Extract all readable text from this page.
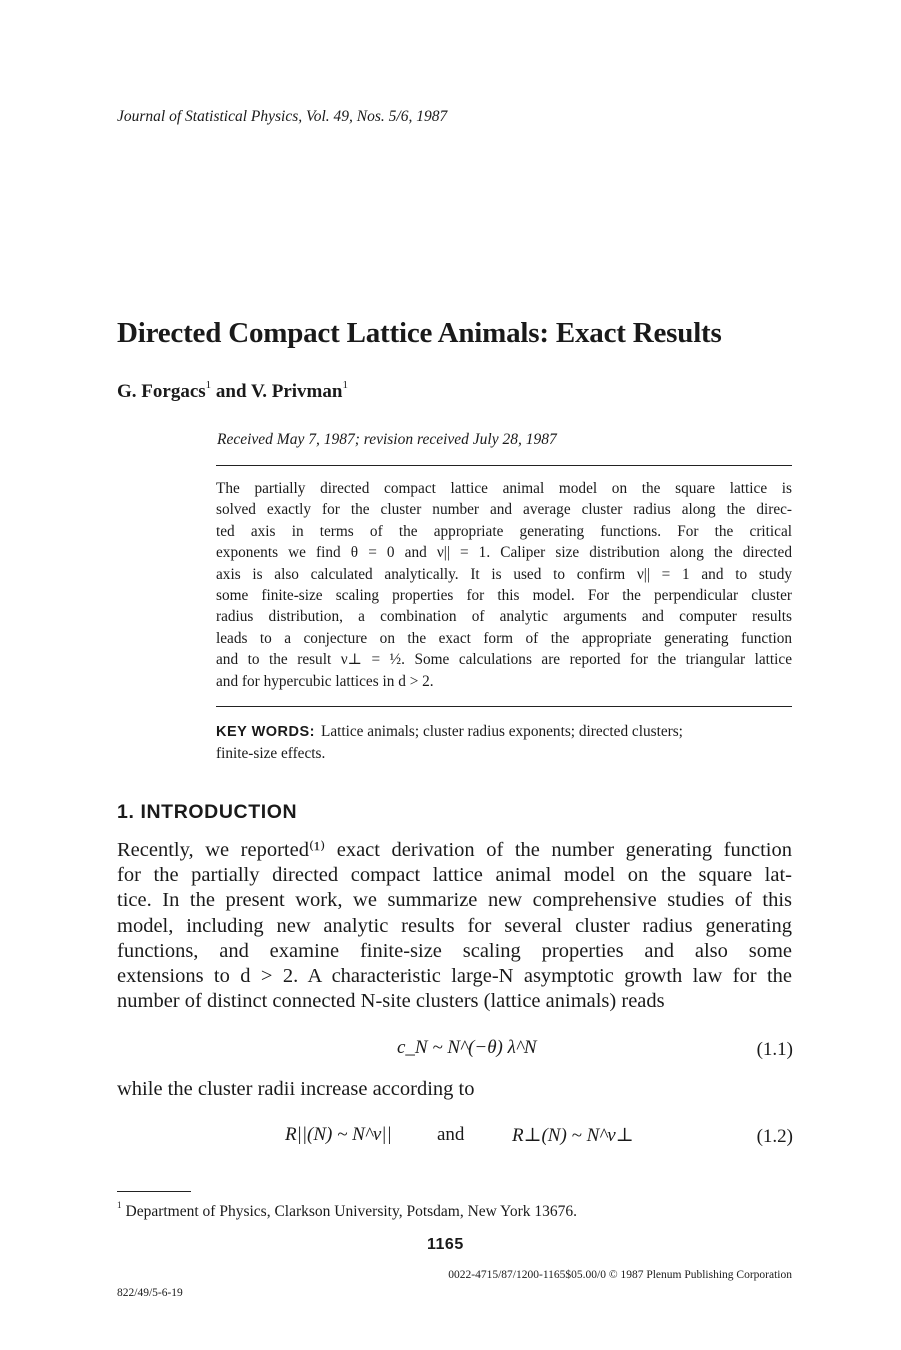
Journal of Statistical Physics, Vol. 49, Nos. 5/6, 1987
Directed Compact Lattice Animals: Exact Results
G. Forgacs$^1$ and V. Privman$^1$
Received May 7, 1987; revision received July 28, 1987
The partially directed compact lattice animal model on the square lattice is
solved exactly for the cluster number and average cluster radius along the direc-
ted axis in terms of the appropriate generating functions. For the critical
exponents we find θ = 0 and ν|| = 1. Caliper size distribution along the directed
axis is also calculated analytically. It is used to confirm ν|| = 1 and to study
some finite-size scaling properties for this model. For the perpendicular cluster
radius distribution, a combination of analytic arguments and computer results
leads to a conjecture on the exact form of the appropriate generating function
and to the result ν⊥ = ½. Some calculations are reported for the triangular lattice
and for hypercubic lattices in d > 2.
KEY WORDS: Lattice animals; cluster radius exponents; directed clusters;
finite-size effects.
1. INTRODUCTION
Recently, we reported⁽¹⁾ exact derivation of the number generating function
for the partially directed compact lattice animal model on the square lat-
tice. In the present work, we summarize new comprehensive studies of this
model, including new analytic results for several cluster radius generating
functions, and examine finite-size scaling properties and also some
extensions to d > 2. A characteristic large-N asymptotic growth law for the
number of distinct connected N-site clusters (lattice animals) reads
c_N ~ N^(−θ) λ^N	(1.1)
while the cluster radii increase according to
R||(N) ~ N^ν|| and	R⊥(N) ~ N^ν⊥	(1.2)
$^1$ Department of Physics, Clarkson University, Potsdam, New York 13676.
1165
0022-4715/87/1200-1165$05.00/0 © 1987 Plenum Publishing Corporation
822/49/5-6-19
